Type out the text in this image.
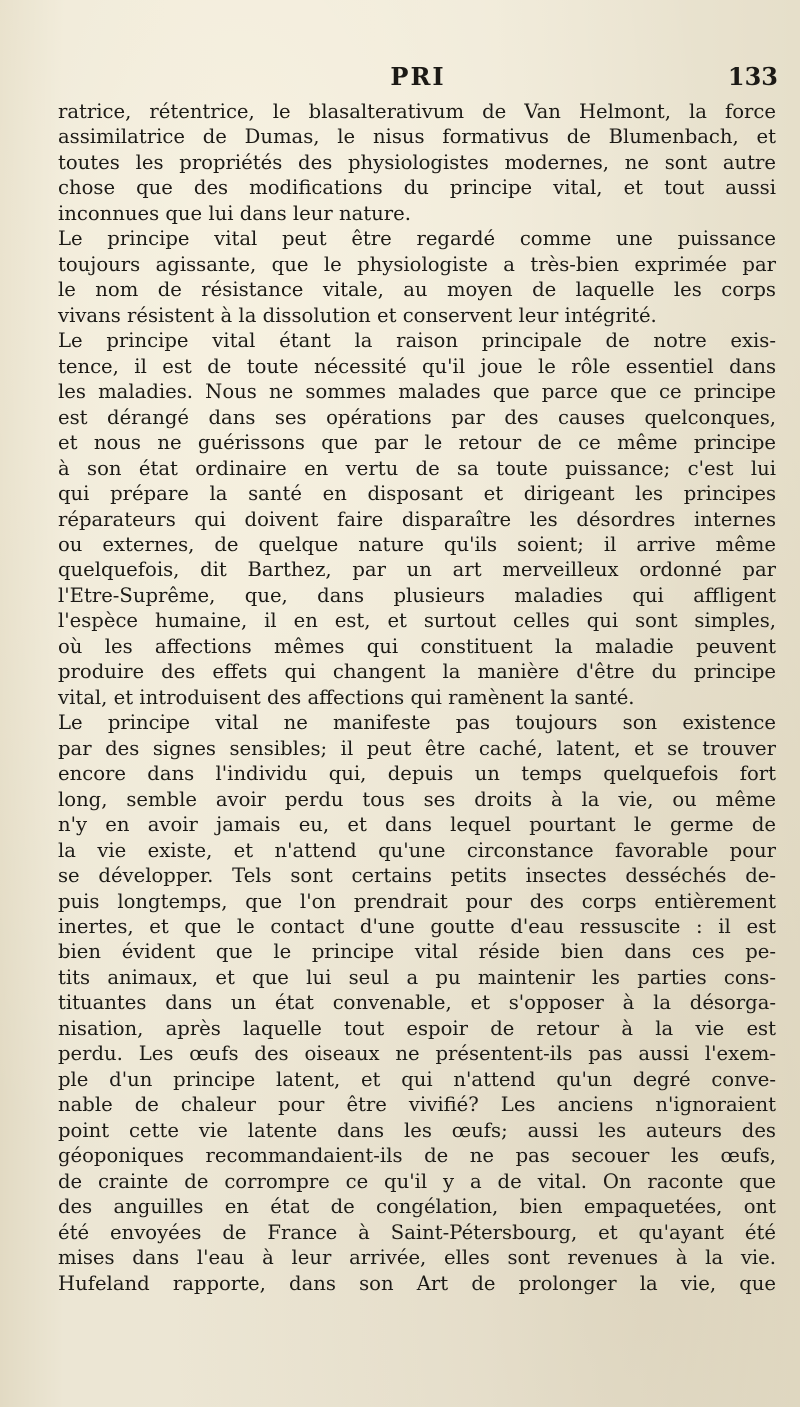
PRI	133
ratrice, rétentrice, le blasalterativum de Van Helmont, la force
assimilatrice de Dumas, le nisus formativus de Blumenbach, et
toutes les propriétés des physiologistes modernes, ne sont autre
chose que des modifications du principe vital, et tout aussi
inconnues que lui dans leur nature.
Le principe vital peut être regardé comme une puissance
toujours agissante, que le physiologiste a très-bien exprimée par
le nom de résistance vitale, au moyen de laquelle les corps
vivans résistent à la dissolution et conservent leur intégrité.
Le principe vital étant la raison principale de notre exis-
tence, il est de toute nécessité qu'il joue le rôle essentiel dans
les maladies. Nous ne sommes malades que parce que ce principe
est dérangé dans ses opérations par des causes quelconques,
et nous ne guérissons que par le retour de ce même principe
à son état ordinaire en vertu de sa toute puissance; c'est lui
qui prépare la santé en disposant et dirigeant les principes
réparateurs qui doivent faire disparaître les désordres internes
ou externes, de quelque nature qu'ils soient; il arrive même
quelquefois, dit Barthez, par un art merveilleux ordonné par
l'Etre-Suprême, que, dans plusieurs maladies qui affligent
l'espèce humaine, il en est, et surtout celles qui sont simples,
où les affections mêmes qui constituent la maladie peuvent
produire des effets qui changent la manière d'être du principe
vital, et introduisent des affections qui ramènent la santé.
Le principe vital ne manifeste pas toujours son existence
par des signes sensibles; il peut être caché, latent, et se trouver
encore dans l'individu qui, depuis un temps quelquefois fort
long, semble avoir perdu tous ses droits à la vie, ou même
n'y en avoir jamais eu, et dans lequel pourtant le germe de
la vie existe, et n'attend qu'une circonstance favorable pour
se développer. Tels sont certains petits insectes desséchés de-
puis longtemps, que l'on prendrait pour des corps entièrement
inertes, et que le contact d'une goutte d'eau ressuscite : il est
bien évident que le principe vital réside bien dans ces pe-
tits animaux, et que lui seul a pu maintenir les parties cons-
tituantes dans un état convenable, et s'opposer à la désorga-
nisation, après laquelle tout espoir de retour à la vie est
perdu. Les œufs des oiseaux ne présentent-ils pas aussi l'exem-
ple d'un principe latent, et qui n'attend qu'un degré conve-
nable de chaleur pour être vivifié? Les anciens n'ignoraient
point cette vie latente dans les œufs; aussi les auteurs des
géoponiques recommandaient-ils de ne pas secouer les œufs,
de crainte de corrompre ce qu'il y a de vital. On raconte que
des anguilles en état de congélation, bien empaquetées, ont
été envoyées de France à Saint-Pétersbourg, et qu'ayant été
mises dans l'eau à leur arrivée, elles sont revenues à la vie.
Hufeland rapporte, dans son Art de prolonger la vie, que
